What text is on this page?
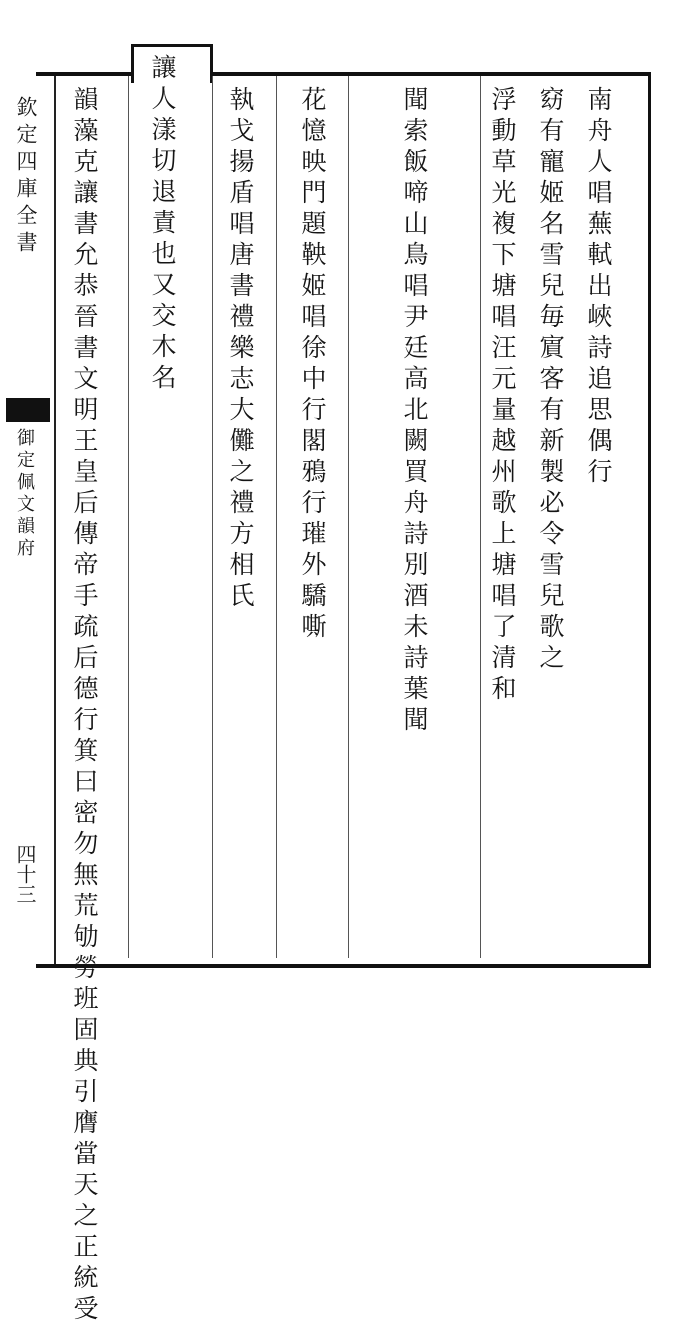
欽定四庫全書
御定佩文韻府
四十三
南舟人唱蕪軾出峽詩追思偶行
窈有寵姬名雪兒毎賔客有新製必令雪兒歌之
浮動草光複下塘唱汪元量越州歌上塘唱了清和
聞索飯啼山鳥唱尹廷高北闕買舟詩別酒未詩葉聞
花憶映門題鞅姬唱徐中行閣鴉行璀外驕嘶
執戈揚盾唱唐書禮樂志大儺之禮方相氏
讓人漾切退責也又交木名
韻藻克讓書允恭晉書文明王皇后傳帝手疏后德行箕曰密勿無荒劬勞班固典引膺當天之正統受
